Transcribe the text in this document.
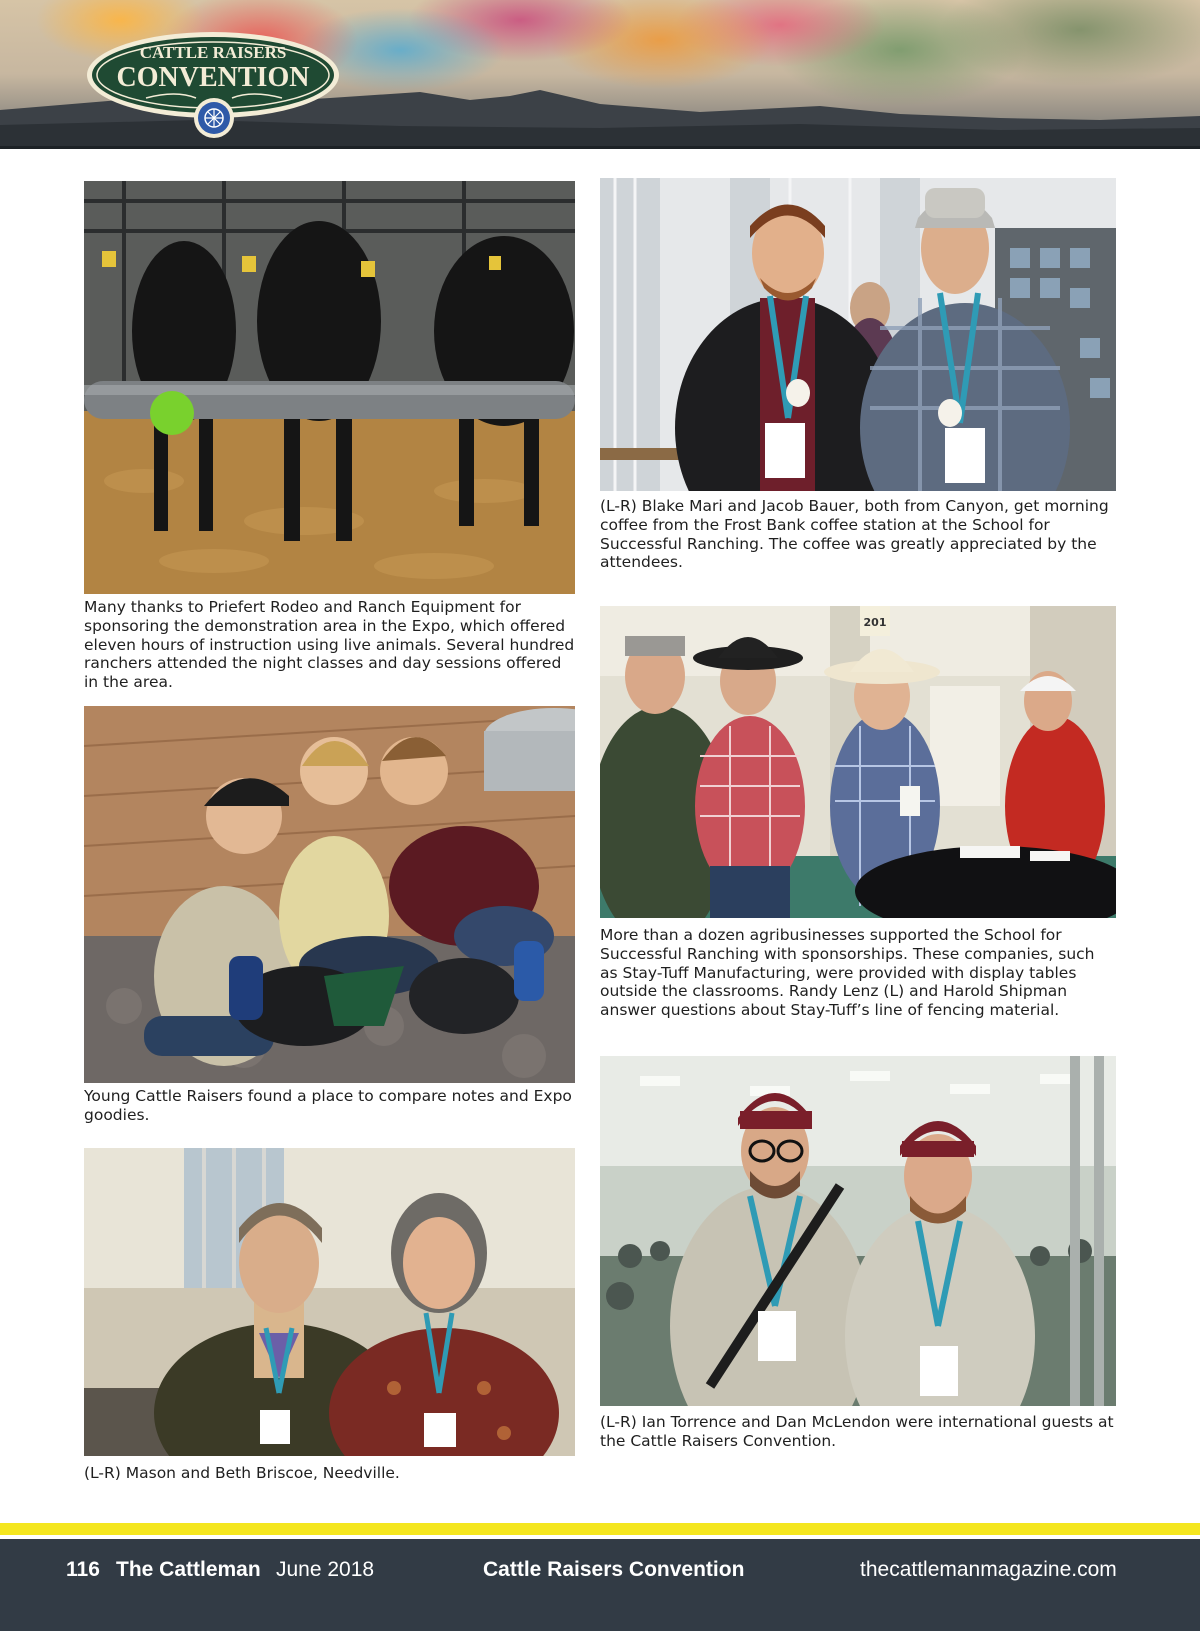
CATTLE RAISERS
CONVENTION

Many thanks to Priefert Rodeo and Ranch Equipment for sponsoring the demonstration area in the Expo, which offered eleven hours of instruction using live animals. Several hundred ranchers attended the night classes and day sessions offered in the area.

Young Cattle Raisers found a place to compare notes and Expo goodies.

(L-R) Mason and Beth Briscoe, Needville.

(L-R) Blake Mari and Jacob Bauer, both from Canyon, get morning coffee from the Frost Bank coffee station at the School for Successful Ranching. The coffee was greatly appreciated by the attendees.

201

More than a dozen agribusinesses supported the School for Successful Ranching with sponsorships. These companies, such as Stay-Tuff Manufacturing, were provided with display tables outside the classrooms. Randy Lenz (L) and Harold Shipman answer questions about Stay-Tuff’s line of fencing material.

(L-R) Ian Torrence and Dan McLendon were international guests at the Cattle Raisers Convention.

116 The Cattleman June 2018	Cattle Raisers Convention	thecattlemanmagazine.com
